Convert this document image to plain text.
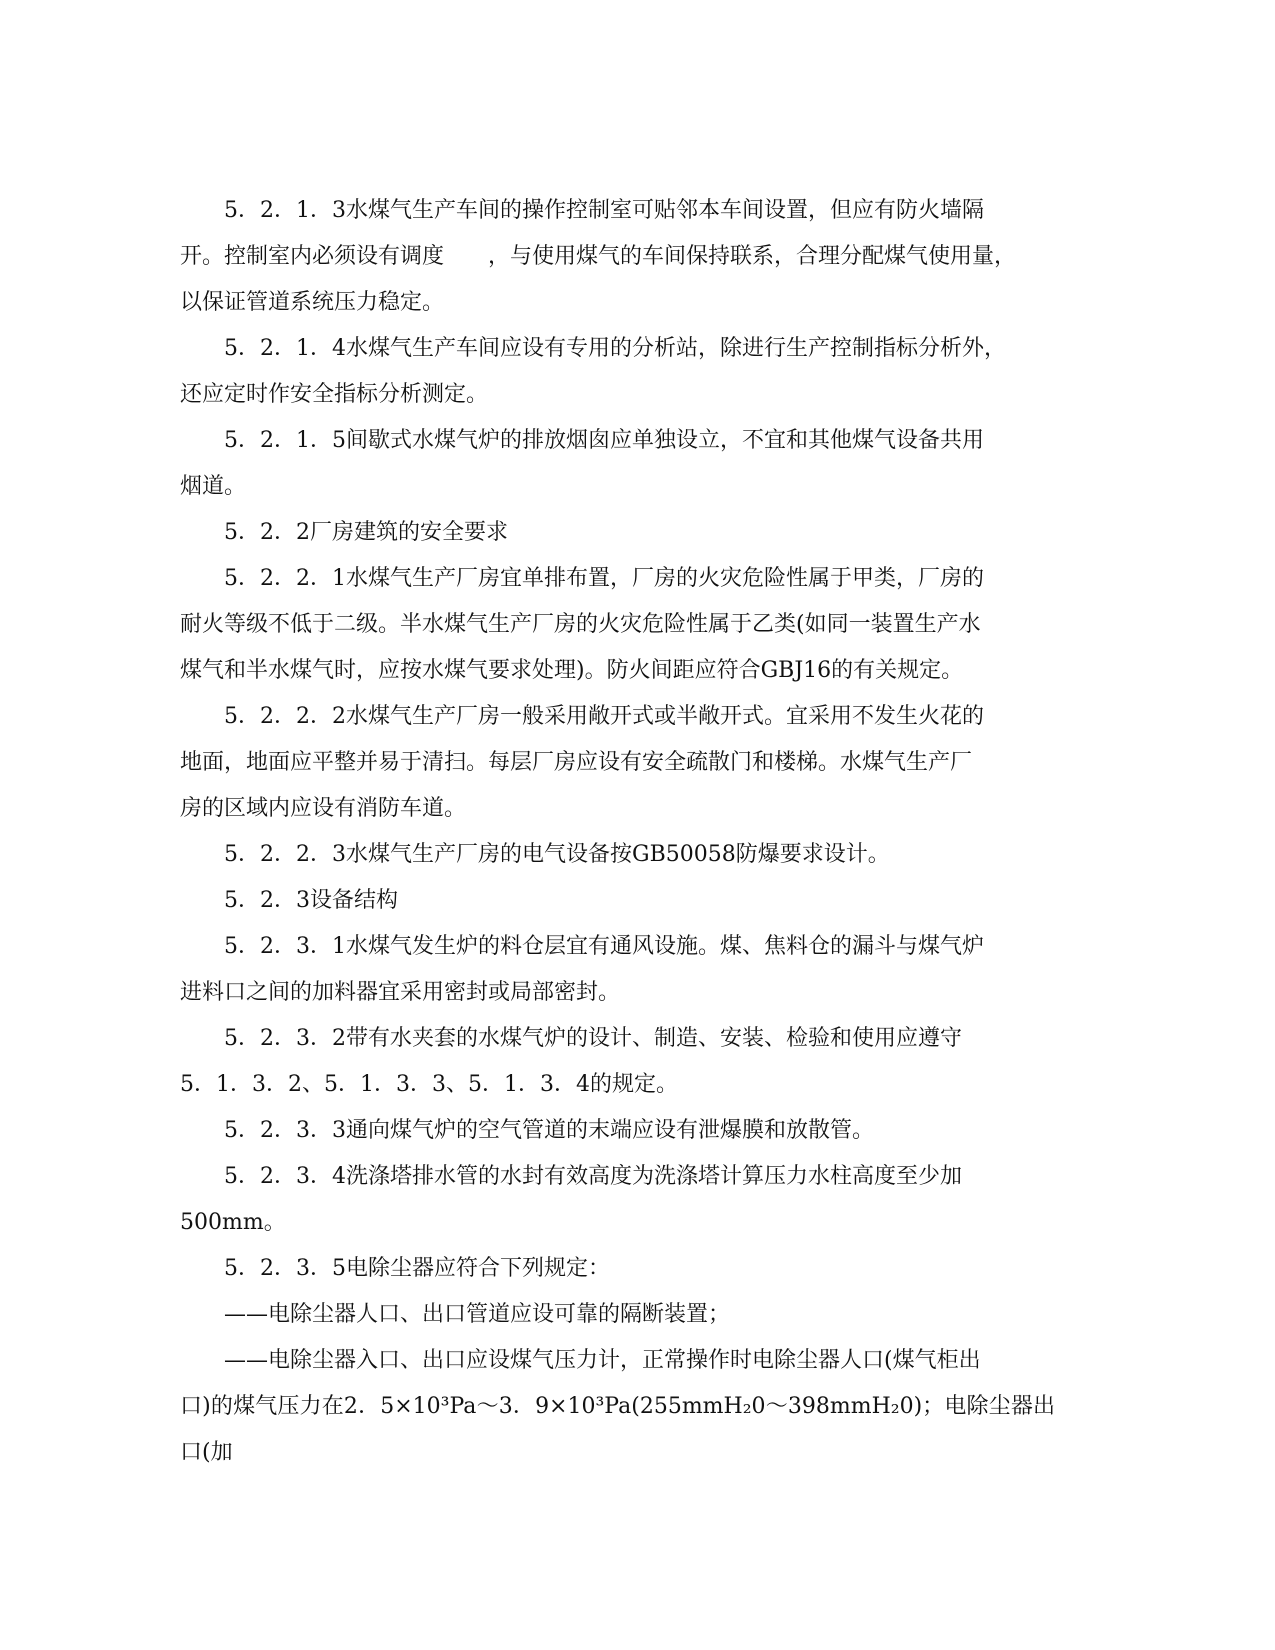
5．2．1．3水煤气生产车间的操作控制室可贴邻本车间设置，但应有防火墙隔
开。控制室内必须设有调度　　，与使用煤气的车间保持联系，合理分配煤气使用量，
以保证管道系统压力稳定。

5．2．1．4水煤气生产车间应设有专用的分析站，除进行生产控制指标分析外，
还应定时作安全指标分析测定。

5．2．1．5间歇式水煤气炉的排放烟囱应单独设立，不宜和其他煤气设备共用
烟道。

5．2．2厂房建筑的安全要求

5．2．2．1水煤气生产厂房宜单排布置，厂房的火灾危险性属于甲类，厂房的
耐火等级不低于二级。半水煤气生产厂房的火灾危险性属于乙类(如同一装置生产水
煤气和半水煤气时，应按水煤气要求处理)。防火间距应符合GBJ16的有关规定。

5．2．2．2水煤气生产厂房一般采用敞开式或半敞开式。宜采用不发生火花的
地面，地面应平整并易于清扫。每层厂房应设有安全疏散门和楼梯。水煤气生产厂
房的区域内应设有消防车道。

5．2．2．3水煤气生产厂房的电气设备按GB50058防爆要求设计。

5．2．3设备结构

5．2．3．1水煤气发生炉的料仓层宜有通风设施。煤、焦料仓的漏斗与煤气炉
进料口之间的加料器宜采用密封或局部密封。

5．2．3．2带有水夹套的水煤气炉的设计、制造、安装、检验和使用应遵守
5．1．3．2、5．1．3．3、5．1．3．4的规定。

5．2．3．3通向煤气炉的空气管道的末端应设有泄爆膜和放散管。

5．2．3．4洗涤塔排水管的水封有效高度为洗涤塔计算压力水柱高度至少加
500mm。

5．2．3．5电除尘器应符合下列规定：

——电除尘器人口、出口管道应设可靠的隔断装置；

——电除尘器入口、出口应设煤气压力计，正常操作时电除尘器人口(煤气柜出
口)的煤气压力在2．5×10³Pa～3．9×10³Pa(255mmH₂0～398mmH₂0)；电除尘器出口(加
